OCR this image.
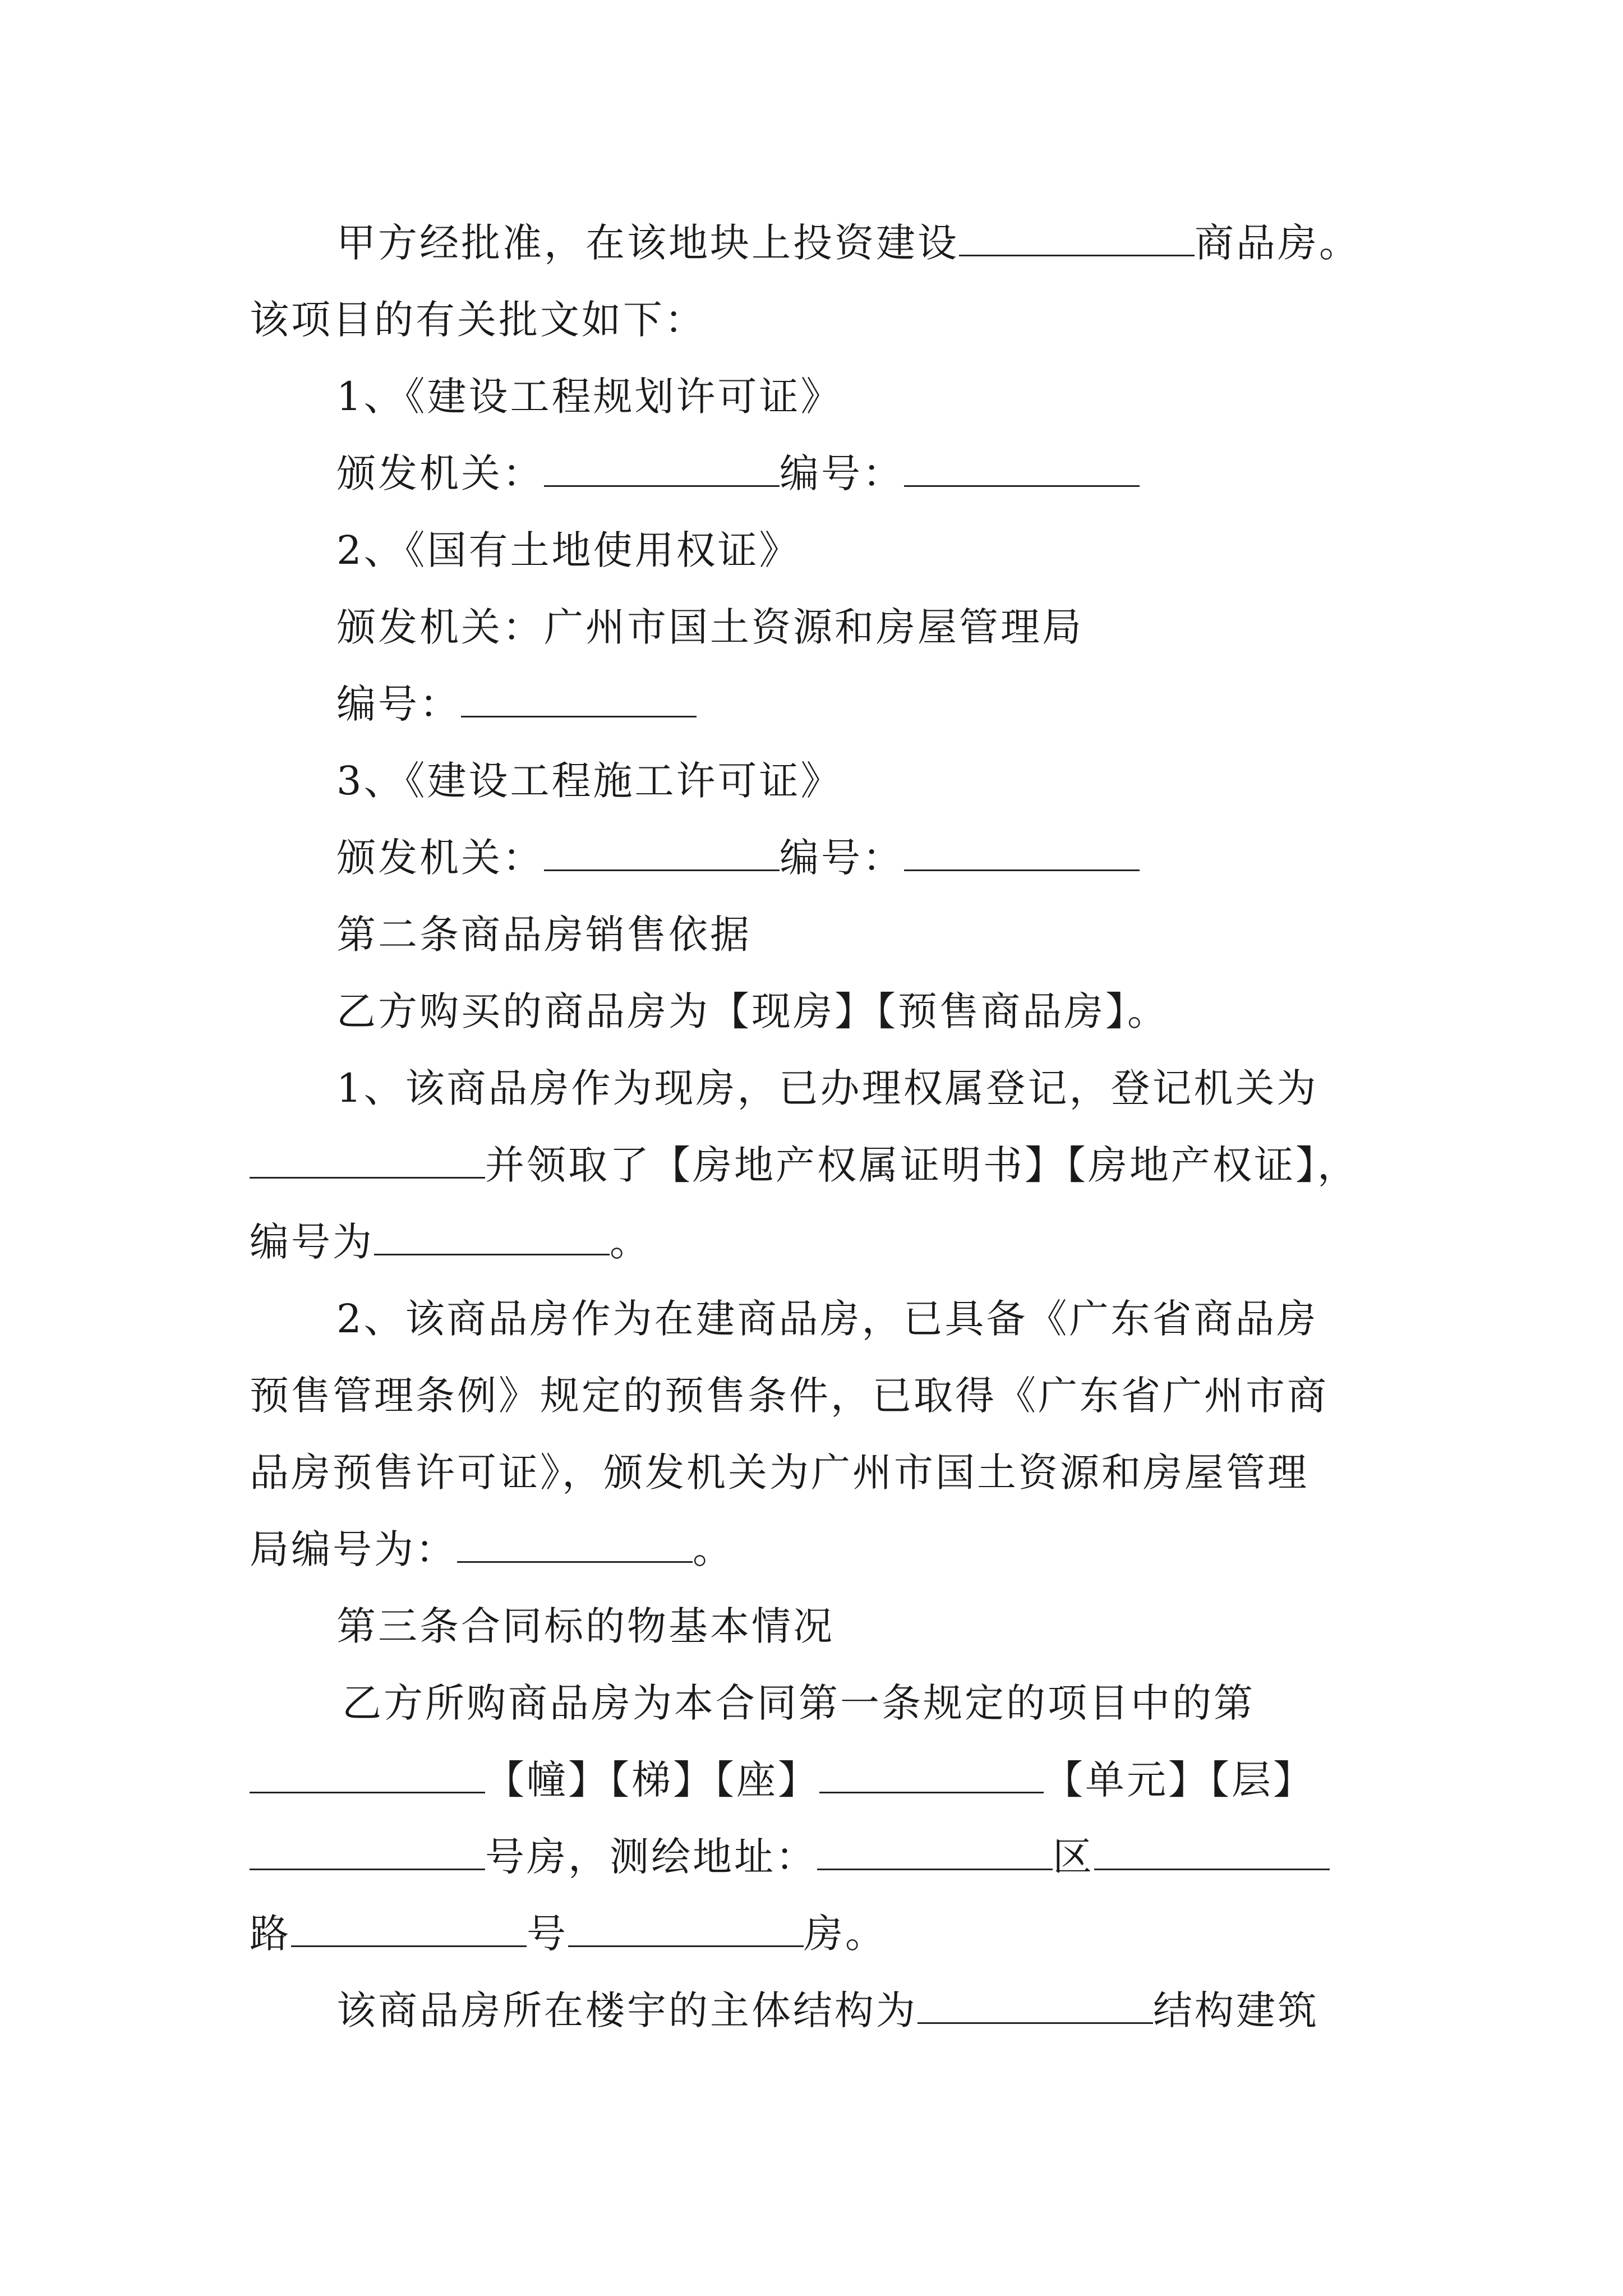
甲方经批准，在该地块上投资建设	商品房。
该项目的有关批文如下：
1、《建设工程规划许可证》
颁发机关：	编号：
2、《国有土地使用权证》
颁发机关：广州市国土资源和房屋管理局
编号：
3、《建设工程施工许可证》
颁发机关：	编号：
第二条商品房销售依据
乙方购买的商品房为【现房】【预售商品房】。
1、该商品房作为现房，已办理权属登记，登记机关为
并领取了【房地产权属证明书】【房地产权证】，
编号为	。
2、该商品房作为在建商品房，已具备《广东省商品房
预售管理条例》规定的预售条件，已取得《广东省广州市商
品房预售许可证》，颁发机关为广州市国土资源和房屋管理
局编号为：	。
第三条合同标的物基本情况
乙方所购商品房为本合同第一条规定的项目中的第
【幢】【梯】【座】	【单元】【层】
号房，测绘地址：	区
路	号	房。
该商品房所在楼宇的主体结构为	结构建筑
